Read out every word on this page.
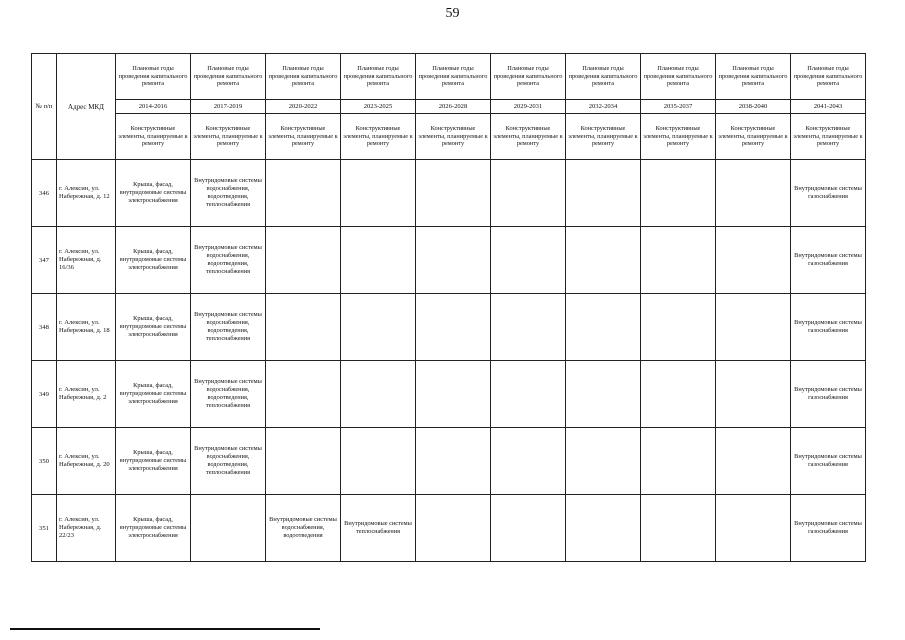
59
№ п/п	Адрес МКД	Плановые годы проведения капитального ремонта	Плановые годы проведения капитального ремонта	Плановые годы проведения капитального ремонта	Плановые годы проведения капитального ремонта	Плановые годы проведения капитального ремонта	Плановые годы проведения капитального ремонта	Плановые годы проведения капитального ремонта	Плановые годы проведения капитального ремонта	Плановые годы проведения капитального ремонта	Плановые годы проведения капитального ремонта
		2014-2016	2017-2019	2020-2022	2023-2025	2026-2028	2029-2031	2032-2034	2035-2037	2038-2040	2041-2043
		Конструктивные элементы, планируемые к ремонту	Конструктивные элементы, планируемые к ремонту	Конструктивные элементы, планируемые к ремонту	Конструктивные элементы, планируемые к ремонту	Конструктивные элементы, планируемые к ремонту	Конструктивные элементы, планируемые к ремонту	Конструктивные элементы, планируемые к ремонту	Конструктивные элементы, планируемые к ремонту	Конструктивные элементы, планируемые к ремонту	Конструктивные элементы, планируемые к ремонту
346	г. Алексин, ул. Набережная, д. 12	Крыша, фасад, внутридомовые системы электроснабжения	Внутридомовые системы водоснабжения, водоотведения, теплоснабжения								Внутридомовые системы газоснабжения
347	г. Алексин, ул. Набережная, д. 16/36	Крыша, фасад, внутридомовые системы электроснабжения	Внутридомовые системы водоснабжения, водоотведения, теплоснабжения								Внутридомовые системы газоснабжения
348	г. Алексин, ул. Набережная, д. 18	Крыша, фасад, внутридомовые системы электроснабжения	Внутридомовые системы водоснабжения, водоотведения, теплоснабжения								Внутридомовые системы газоснабжения
349	г. Алексин, ул. Набережная, д. 2	Крыша, фасад, внутридомовые системы электроснабжения	Внутридомовые системы водоснабжения, водоотведения, теплоснабжения								Внутридомовые системы газоснабжения
350	г. Алексин, ул. Набережная, д. 20	Крыша, фасад, внутридомовые системы электроснабжения	Внутридомовые системы водоснабжения, водоотведения, теплоснабжения								Внутридомовые системы газоснабжения
351	г. Алексин, ул. Набережная, д. 22/23	Крыша, фасад, внутридомовые системы электроснабжения		Внутридомовые системы водоснабжения, водоотведения	Внутридомовые системы теплоснабжения						Внутридомовые системы газоснабжения
